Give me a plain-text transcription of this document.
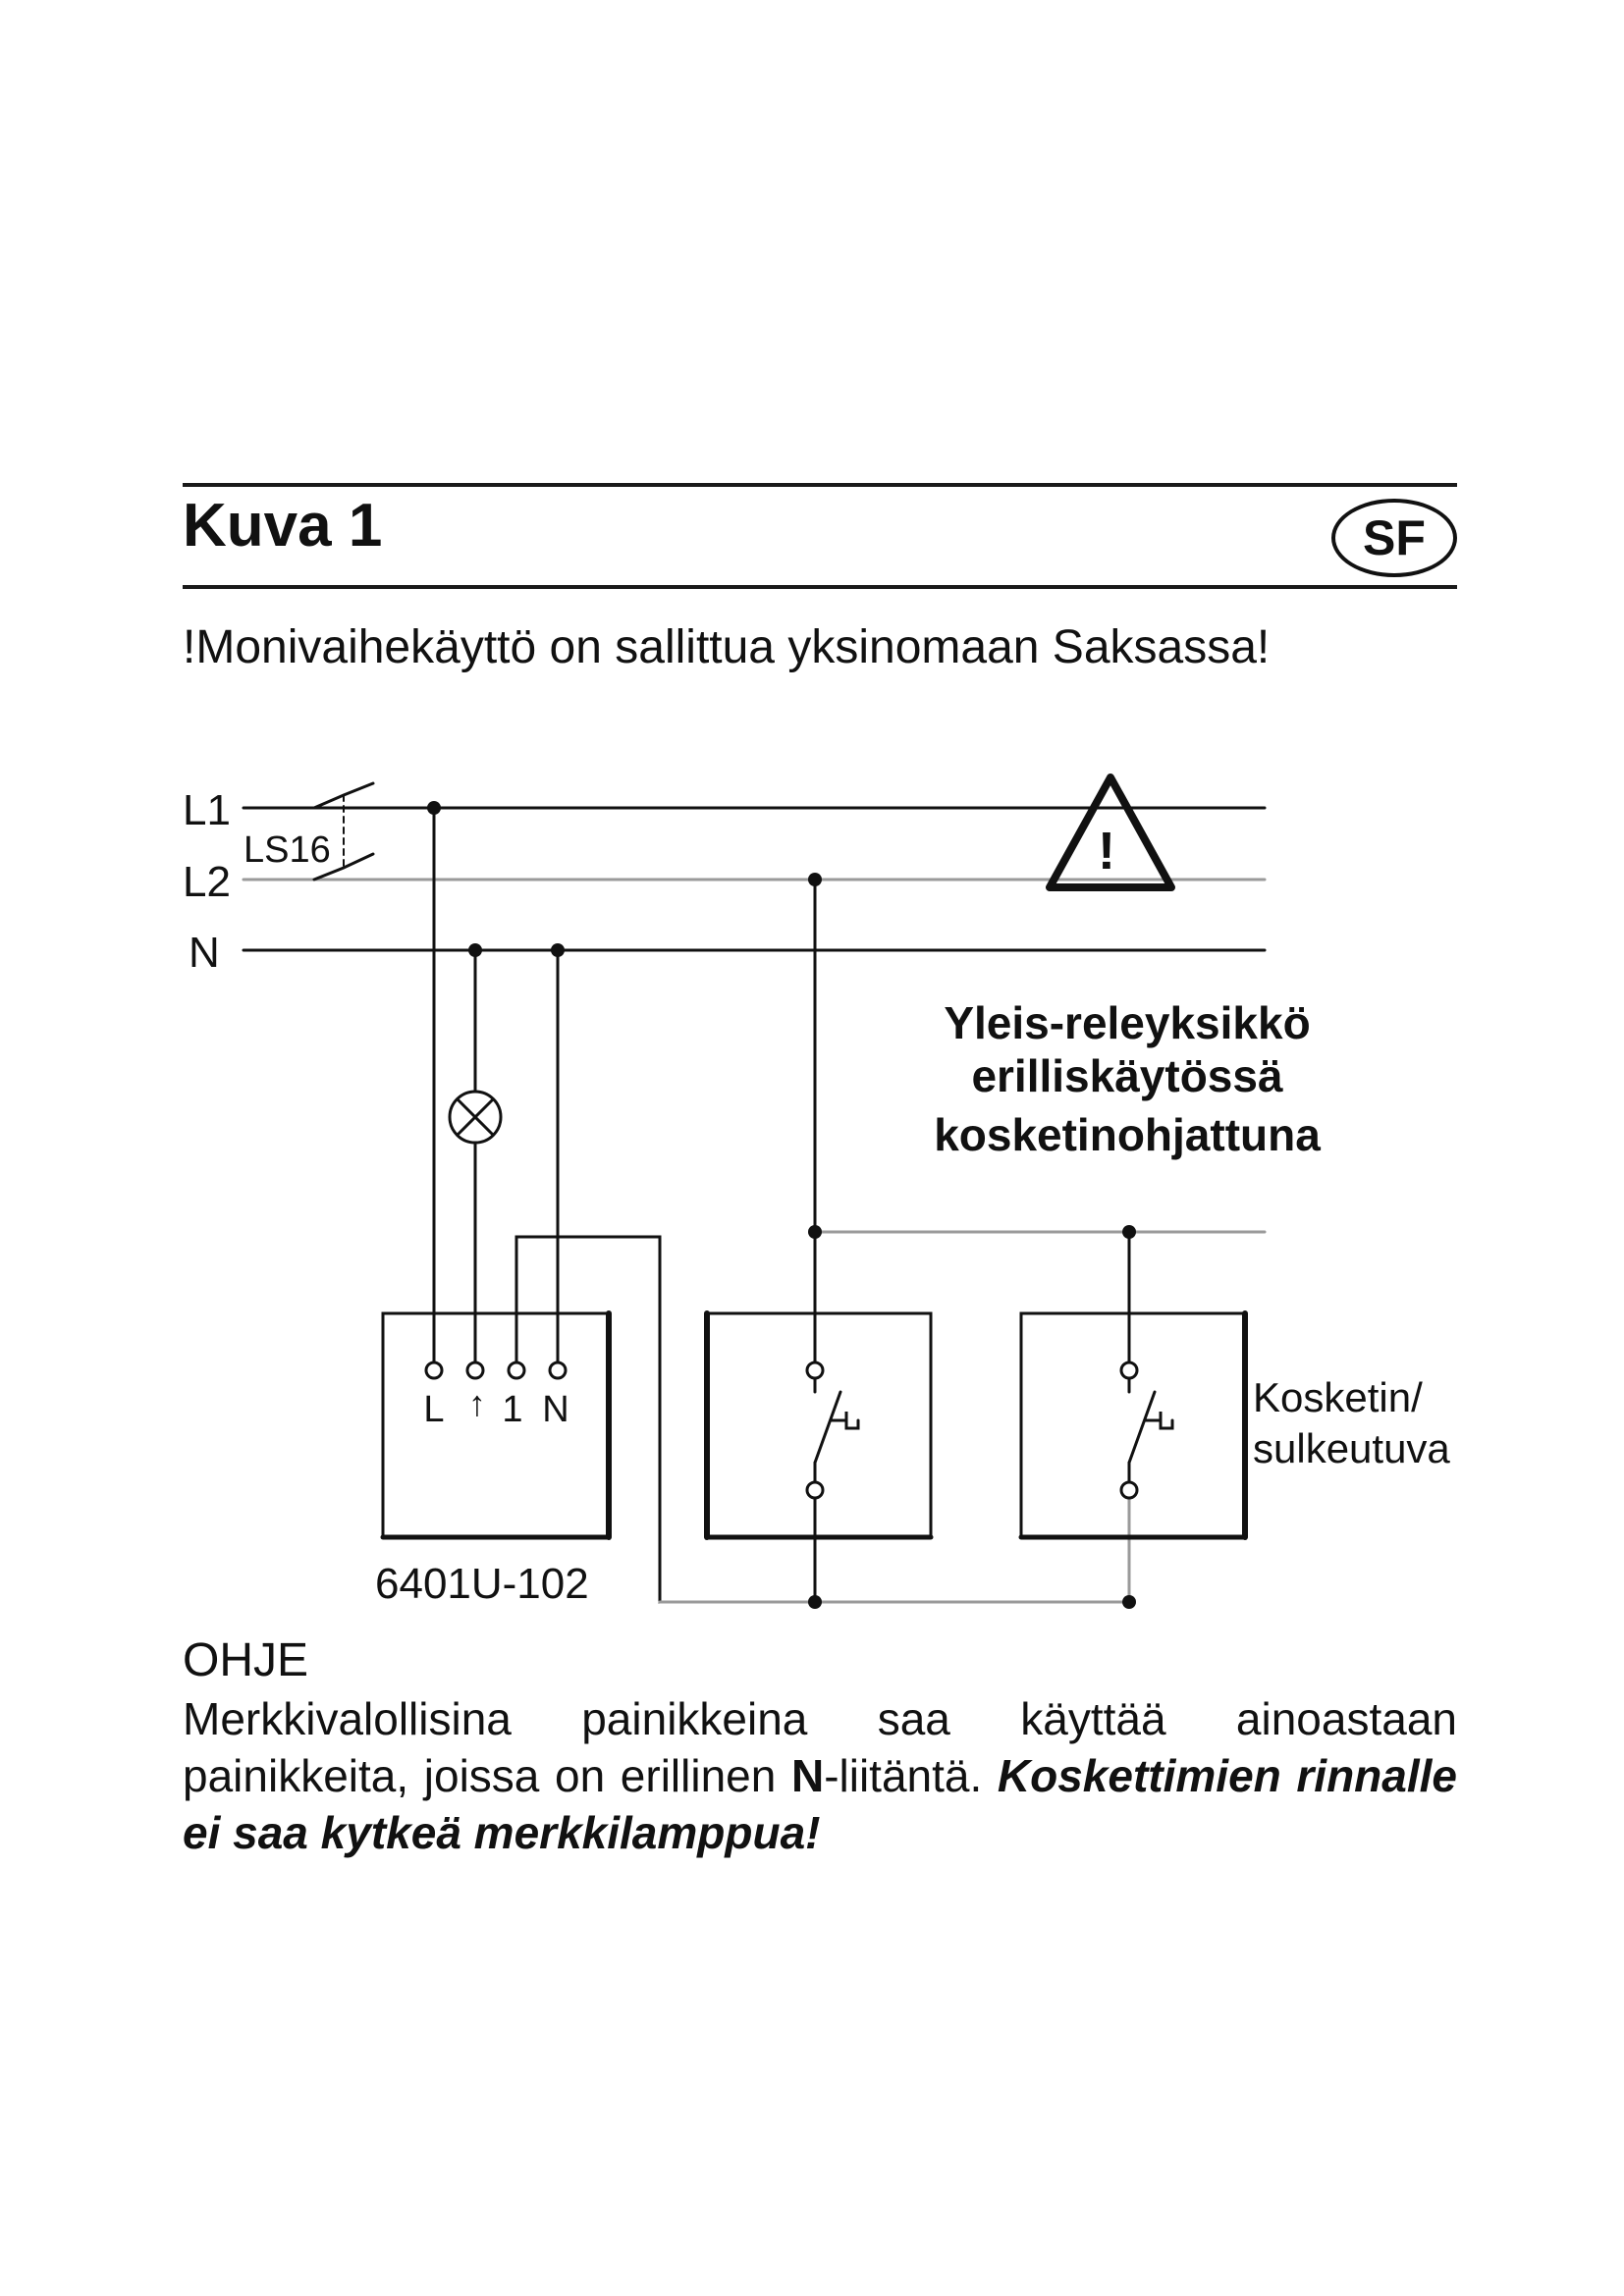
Kuva 1	SF
!Monivaihekäyttö on sallittua yksinomaan Saksassa!
!
L1
L2
N
LS16
Yleis-releyksikkö
erilliskäytössä
kosketinohjattuna
L ↑ 1 N
6401U-102
Kosketin/
sulkeutuva
OHJE
Merkkivalollisina painikkeina saa käyttää ainoastaan painikkeita, joissa on erillinen N-liitäntä. Koskettimien rinnalle ei saa kytkeä merkkilamppua!
